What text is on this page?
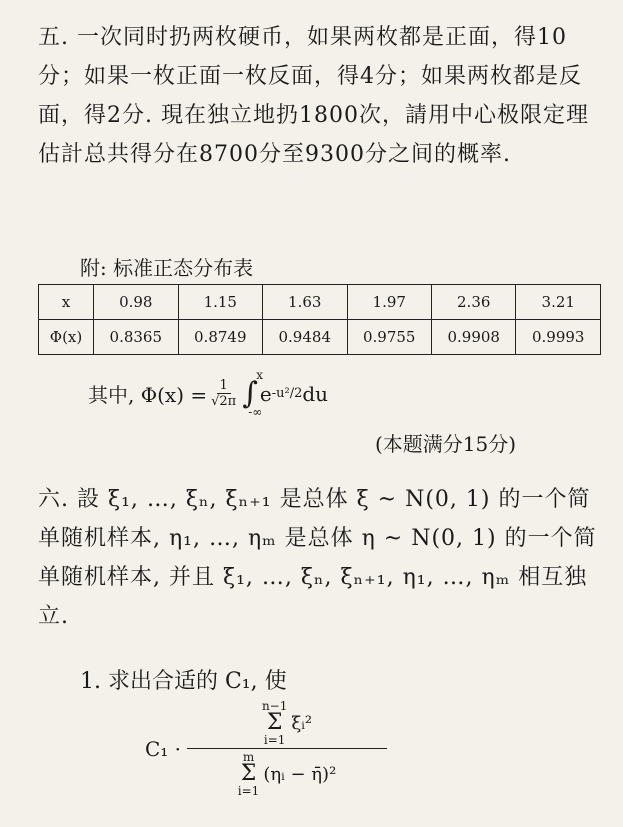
五. 一次同时扔两枚硬币，如果两枚都是正面，得10分；如果一枚正面一枚反面，得4分；如果两枚都是反面，得2分. 現在独立地扔1800次，請用中心极限定理估計总共得分在8700分至9300分之间的概率.
附: 标准正态分布表
x	0.98	1.15	1.63	1.97	2.36	3.21
Φ(x)	0.8365	0.8749	0.9484	0.9755	0.9908	0.9993
其中, $\Phi(x) = \frac{1}{√2\pi}$ ∫
x
-∞
e -u²/2 du
(本题满分15分)
六. 設 ξ₁, …, ξₙ, ξₙ₊₁ 是总体 ξ ~ N(0, 1) 的一个简单随机样本, η₁, …, ηₘ 是总体 η ~ N(0, 1) 的一个简单随机样本, 并且 ξ₁, …, ξₙ, ξₙ₊₁, η₁, …, ηₘ 相互独立.
1. 求出合适的 C₁, 使
C₁ · n−1
Σ
i=1
ξᵢ²
m
Σ
i=1
(ηᵢ − η̄)²
